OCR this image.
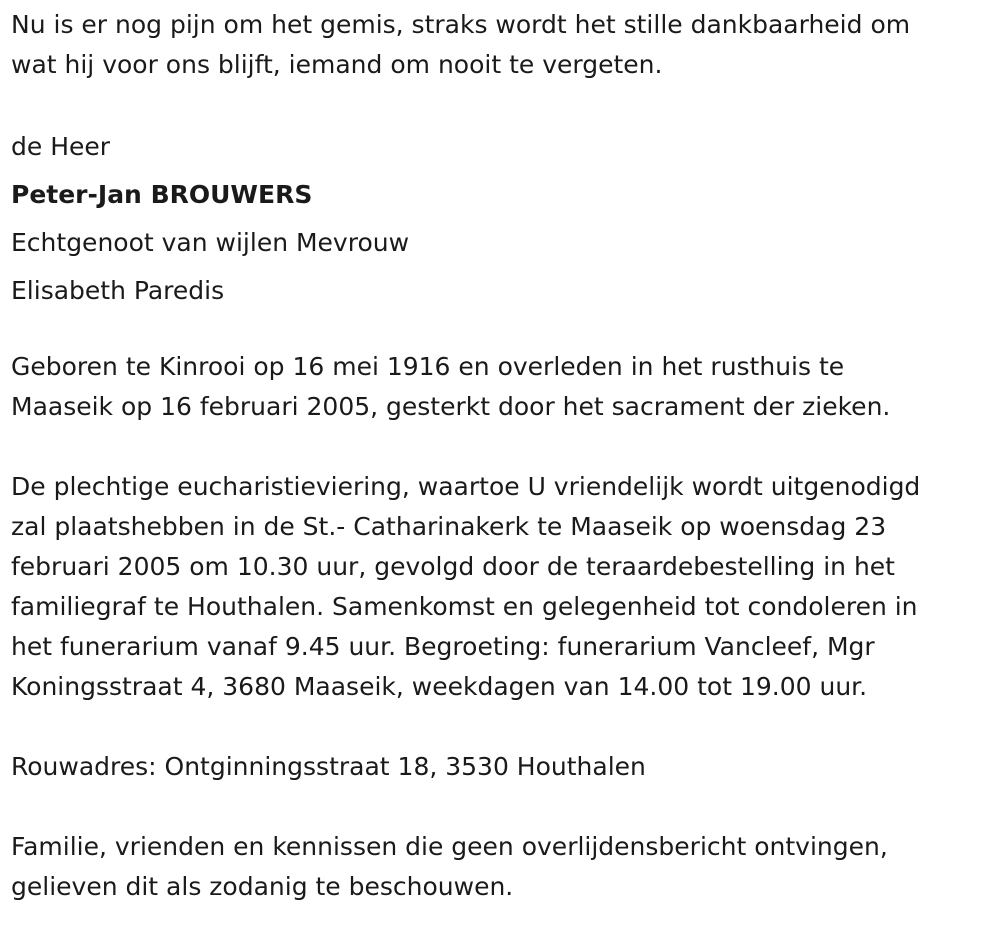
Nu is er nog pijn om het gemis, straks wordt het stille dankbaarheid om
wat hij voor ons blijft, iemand om nooit te vergeten.

de Heer
Peter-Jan BROUWERS
Echtgenoot van wijlen Mevrouw
Elisabeth Paredis

Geboren te Kinrooi op 16 mei 1916 en overleden in het rusthuis te
Maaseik op 16 februari 2005, gesterkt door het sacrament der zieken.

De plechtige eucharistieviering, waartoe U vriendelijk wordt uitgenodigd
zal plaatshebben in de St.- Catharinakerk te Maaseik op woensdag 23
februari 2005 om 10.30 uur, gevolgd door de teraardebestelling in het
familiegraf te Houthalen. Samenkomst en gelegenheid tot condoleren in
het funerarium vanaf 9.45 uur. Begroeting: funerarium Vancleef, Mgr
Koningsstraat 4, 3680 Maaseik, weekdagen van 14.00 tot 19.00 uur.

Rouwadres: Ontginningsstraat 18, 3530 Houthalen

Familie, vrienden en kennissen die geen overlijdensbericht ontvingen,
gelieven dit als zodanig te beschouwen.
